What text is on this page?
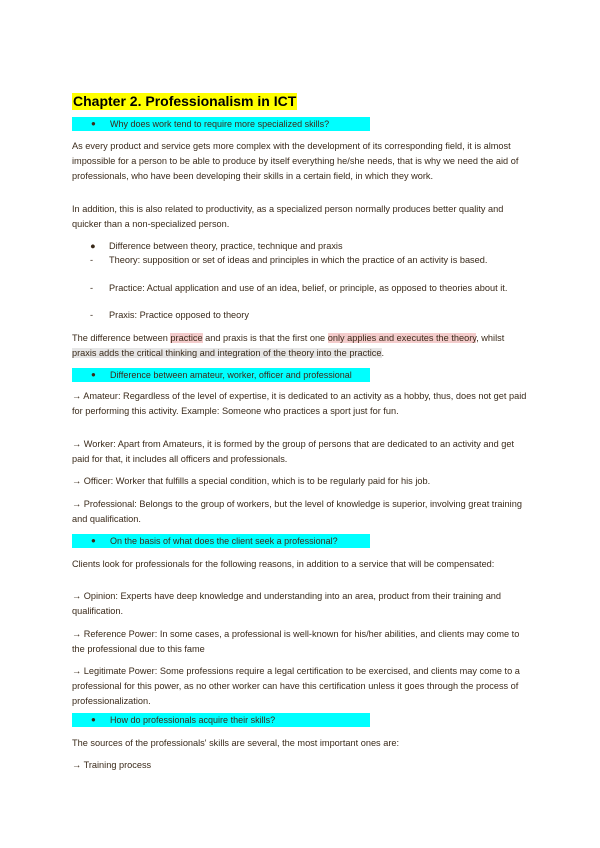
Chapter 2. Professionalism in ICT
● Why does work tend to require more specialized skills?
As every product and service gets more complex with the development of its corresponding field, it is almost impossible for a person to be able to produce by itself everything he/she needs, that is why we need the aid of professionals, who have been developing their skills in a certain field, in which they work.
In addition, this is also related to productivity, as a specialized person normally produces better quality and quicker than a non-specialized person.
●	Difference between theory, practice, technique and praxis
-	Theory: supposition or set of ideas and principles in which the practice of an activity is based.
-	Practice: Actual application and use of an idea, belief, or principle, as opposed to theories about it.
-	Praxis: Practice opposed to theory
The difference between practice and praxis is that the first one only applies and executes the theory, whilst praxis adds the critical thinking and integration of the theory into the practice.
● Difference between amateur, worker, officer and professional
→ Amateur: Regardless of the level of expertise, it is dedicated to an activity as a hobby, thus, does not get paid for performing this activity. Example: Someone who practices a sport just for fun.
→ Worker: Apart from Amateurs, it is formed by the group of persons that are dedicated to an activity and get paid for that, it includes all officers and professionals.
→ Officer: Worker that fulfills a special condition, which is to be regularly paid for his job.
→ Professional: Belongs to the group of workers, but the level of knowledge is superior, involving great training and qualification.
● On the basis of what does the client seek a professional?
Clients look for professionals for the following reasons, in addition to a service that will be compensated:
→ Opinion: Experts have deep knowledge and understanding into an area, product from their training and qualification.
→ Reference Power: In some cases, a professional is well-known for his/her abilities, and clients may come to the professional due to this fame
→ Legitimate Power: Some professions require a legal certification to be exercised, and clients may come to a professional for this power, as no other worker can have this certification unless it goes through the process of professionalization.
● How do professionals acquire their skills?
The sources of the professionals' skills are several, the most important ones are:
→ Training process
